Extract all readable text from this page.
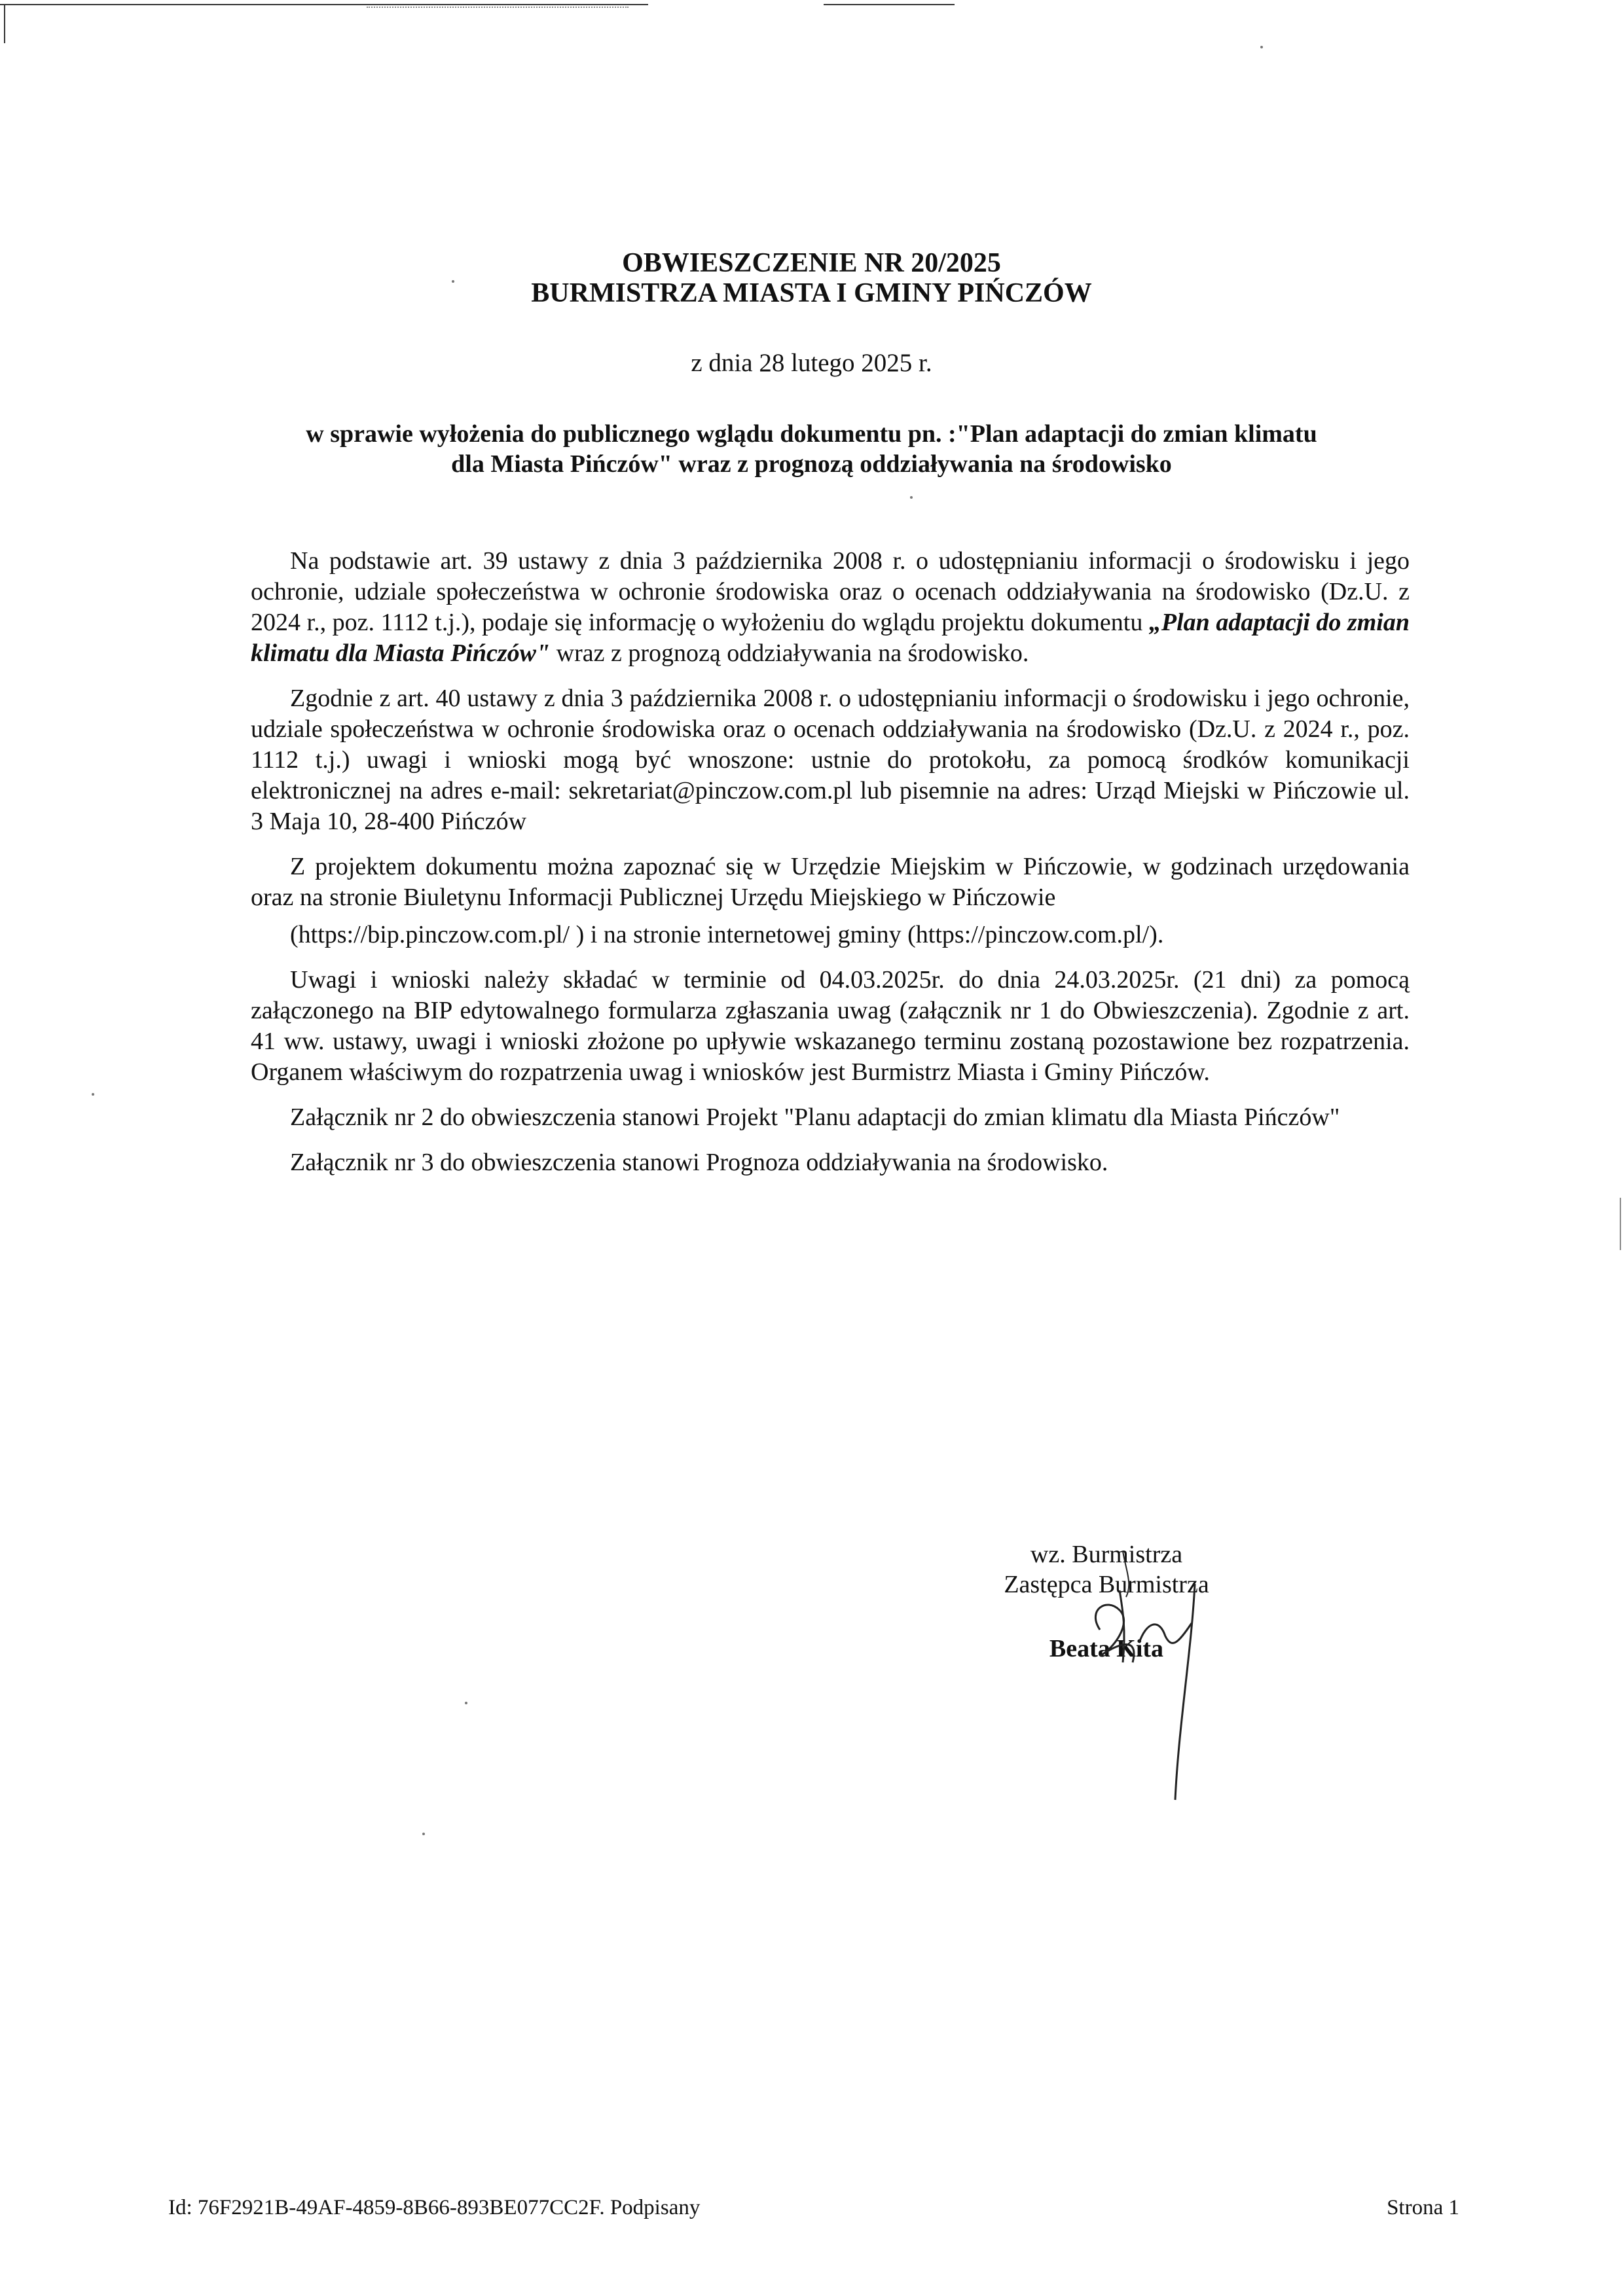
OBWIESZCZENIE NR 20/2025
BURMISTRZA MIASTA I GMINY PIŃCZÓW
z dnia 28 lutego 2025 r.
w sprawie wyłożenia do publicznego wglądu dokumentu pn. :"Plan adaptacji do zmian klimatu
dla Miasta Pińczów" wraz z prognozą oddziaływania na środowisko

Na podstawie art. 39 ustawy z dnia 3 października 2008 r. o udostępnianiu informacji o środowisku i jego ochronie, udziale społeczeństwa w ochronie środowiska oraz o ocenach oddziaływania na środowisko (Dz.U. z 2024 r., poz. 1112 t.j.), podaje się informację o wyłożeniu do wglądu projektu dokumentu „Plan adaptacji do zmian klimatu dla Miasta Pińczów" wraz z prognozą oddziaływania na środowisko.

Zgodnie z art. 40 ustawy z dnia 3 października 2008 r. o udostępnianiu informacji o środowisku i jego ochronie, udziale społeczeństwa w ochronie środowiska oraz o ocenach oddziaływania na środowisko (Dz.U. z 2024 r., poz. 1112 t.j.) uwagi i wnioski mogą być wnoszone: ustnie do protokołu, za pomocą środków komunikacji elektronicznej na adres e-mail: sekretariat@pinczow.com.pl lub pisemnie na adres: Urząd Miejski w Pińczowie ul. 3 Maja 10, 28-400 Pińczów

Z projektem dokumentu można zapoznać się w Urzędzie Miejskim w Pińczowie, w godzinach urzędowania oraz na stronie Biuletynu Informacji Publicznej Urzędu Miejskiego w Pińczowie

(https://bip.pinczow.com.pl/ ) i na stronie internetowej gminy (https://pinczow.com.pl/).

Uwagi i wnioski należy składać w terminie od 04.03.2025r. do dnia 24.03.2025r. (21 dni) za pomocą załączonego na BIP edytowalnego formularza zgłaszania uwag (załącznik nr 1 do Obwieszczenia). Zgodnie z art. 41 ww. ustawy, uwagi i wnioski złożone po upływie wskazanego terminu zostaną pozostawione bez rozpatrzenia. Organem właściwym do rozpatrzenia uwag i wniosków jest Burmistrz Miasta i Gminy Pińczów.

Załącznik nr 2 do obwieszczenia stanowi Projekt "Planu adaptacji do zmian klimatu dla Miasta Pińczów"

Załącznik nr 3 do obwieszczenia stanowi Prognoza oddziaływania na środowisko.

wz. Burmistrza
Zastępca Burmistrza
Beata Kita
Id: 76F2921B-49AF-4859-8B66-893BE077CC2F. Podpisany	Strona 1
